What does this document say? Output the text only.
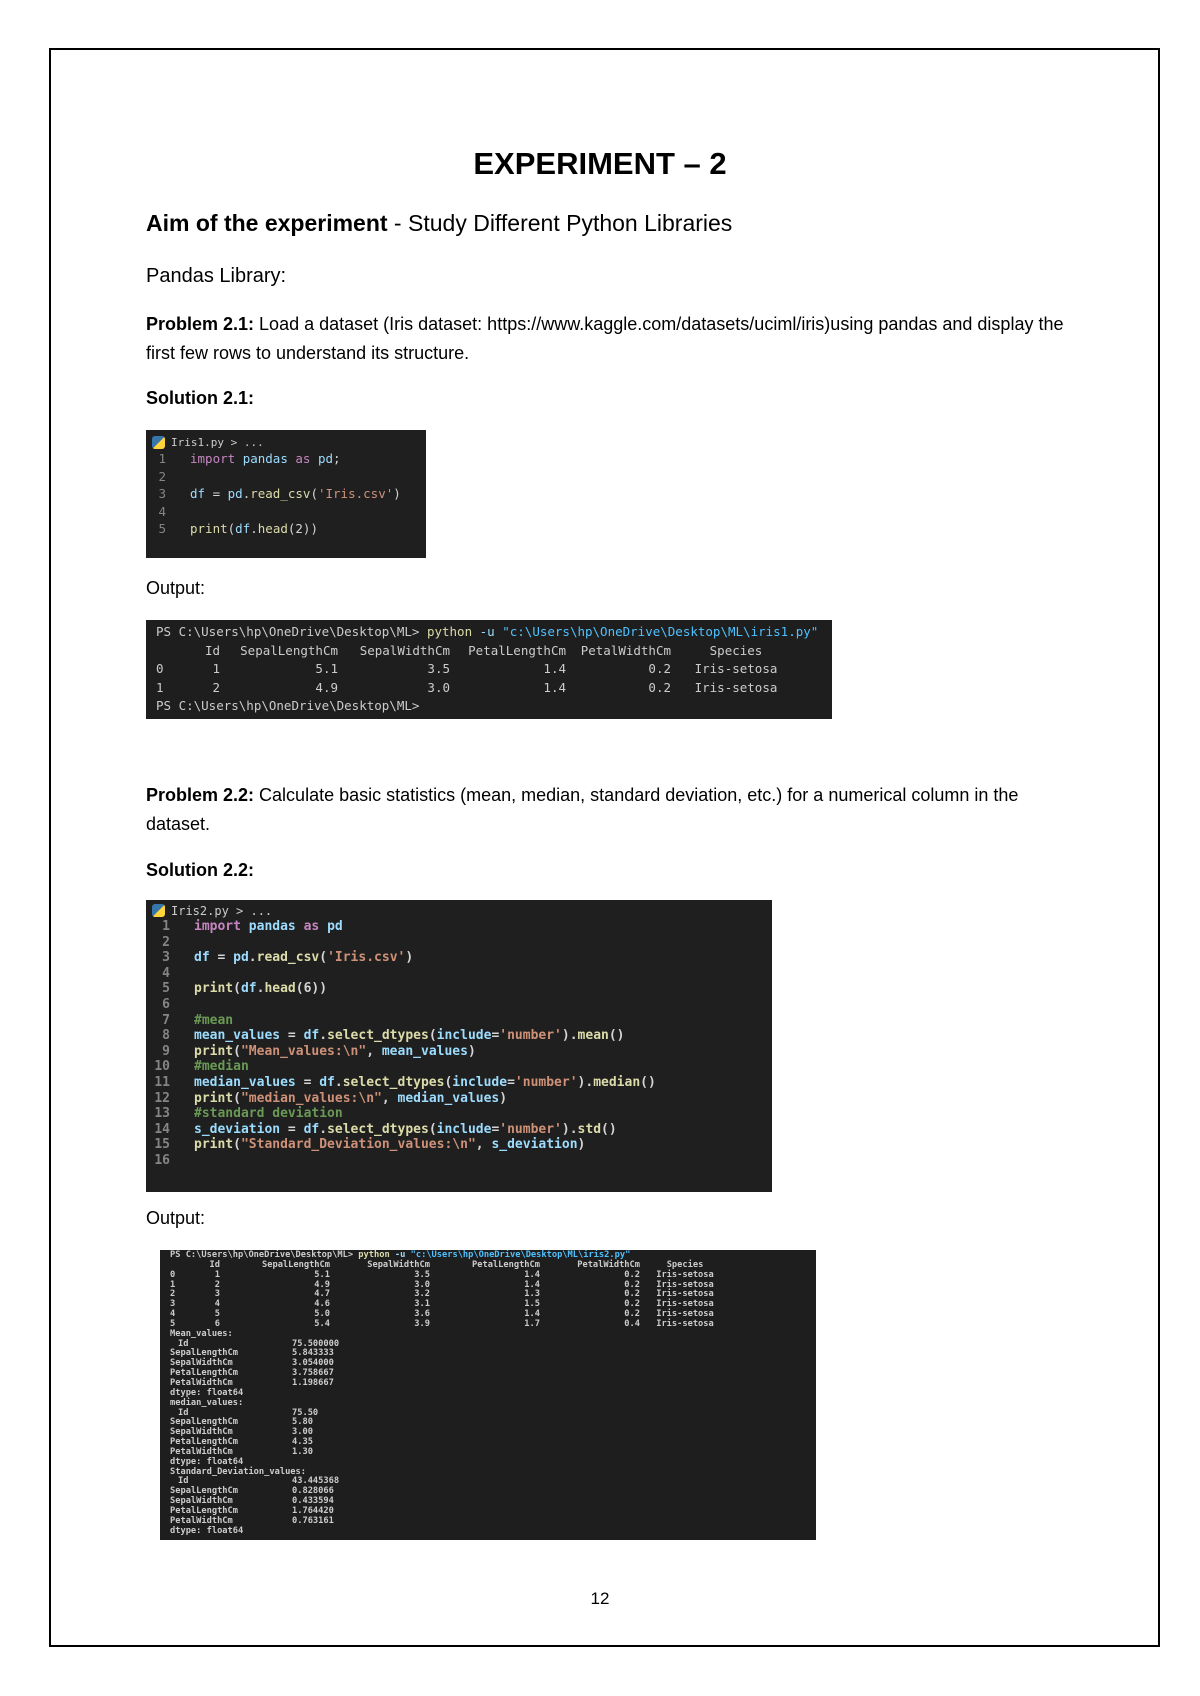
EXPERIMENT – 2
Aim of the experiment - Study Different Python Libraries
Pandas Library:
Problem 2.1: Load a dataset (Iris dataset: https://www.kaggle.com/datasets/uciml/iris)using pandas and display the first few rows to understand its structure.
Solution 2.1:
Iris1.py > ...
1 import pandas as pd;
2
3 df = pd.read_csv('Iris.csv')
4
5 print(df.head(2))
Output:
PS C:\Users\hp\OneDrive\Desktop\ML> python -u "c:\Users\hp\OneDrive\Desktop\ML\iris1.py"
Id	SepalLengthCm	SepalWidthCm	PetalLengthCm	PetalWidthCm	Species
0	1	5.1	3.5	1.4	0.2	Iris-setosa
1	2	4.9	3.0	1.4	0.2	Iris-setosa
PS C:\Users\hp\OneDrive\Desktop\ML>
Problem 2.2: Calculate basic statistics (mean, median, standard deviation, etc.) for a numerical column in the dataset.
Solution 2.2:
Iris2.py > ...
1 import pandas as pd
2
3 df = pd.read_csv('Iris.csv')
4
5 print(df.head(6))
6
7 #mean
8 mean_values = df.select_dtypes(include='number').mean()
9 print("Mean_values:\n", mean_values)
10 #median
11 median_values = df.select_dtypes(include='number').median()
12 print("median_values:\n", median_values)
13 #standard deviation
14 s_deviation = df.select_dtypes(include='number').std()
15 print("Standard_Deviation_values:\n", s_deviation)
16
Output:
PS C:\Users\hp\OneDrive\Desktop\ML> python -u "c:\Users\hp\OneDrive\Desktop\ML\iris2.py"
Id	SepalLengthCm	SepalWidthCm	PetalLengthCm	PetalWidthCm	Species
0	1	5.1	3.5	1.4	0.2	Iris-setosa
1	2	4.9	3.0	1.4	0.2	Iris-setosa
2	3	4.7	3.2	1.3	0.2	Iris-setosa
3	4	4.6	3.1	1.5	0.2	Iris-setosa
4	5	5.0	3.6	1.4	0.2	Iris-setosa
5	6	5.4	3.9	1.7	0.4	Iris-setosa
Mean_values:
Id	75.500000
SepalLengthCm	5.843333
SepalWidthCm	3.054000
PetalLengthCm	3.758667
PetalWidthCm	1.198667
dtype: float64
median_values:
Id	75.50
SepalLengthCm	5.80
SepalWidthCm	3.00
PetalLengthCm	4.35
PetalWidthCm	1.30
dtype: float64
Standard_Deviation_values:
Id	43.445368
SepalLengthCm	0.828066
SepalWidthCm	0.433594
PetalLengthCm	1.764420
PetalWidthCm	0.763161
dtype: float64
12
